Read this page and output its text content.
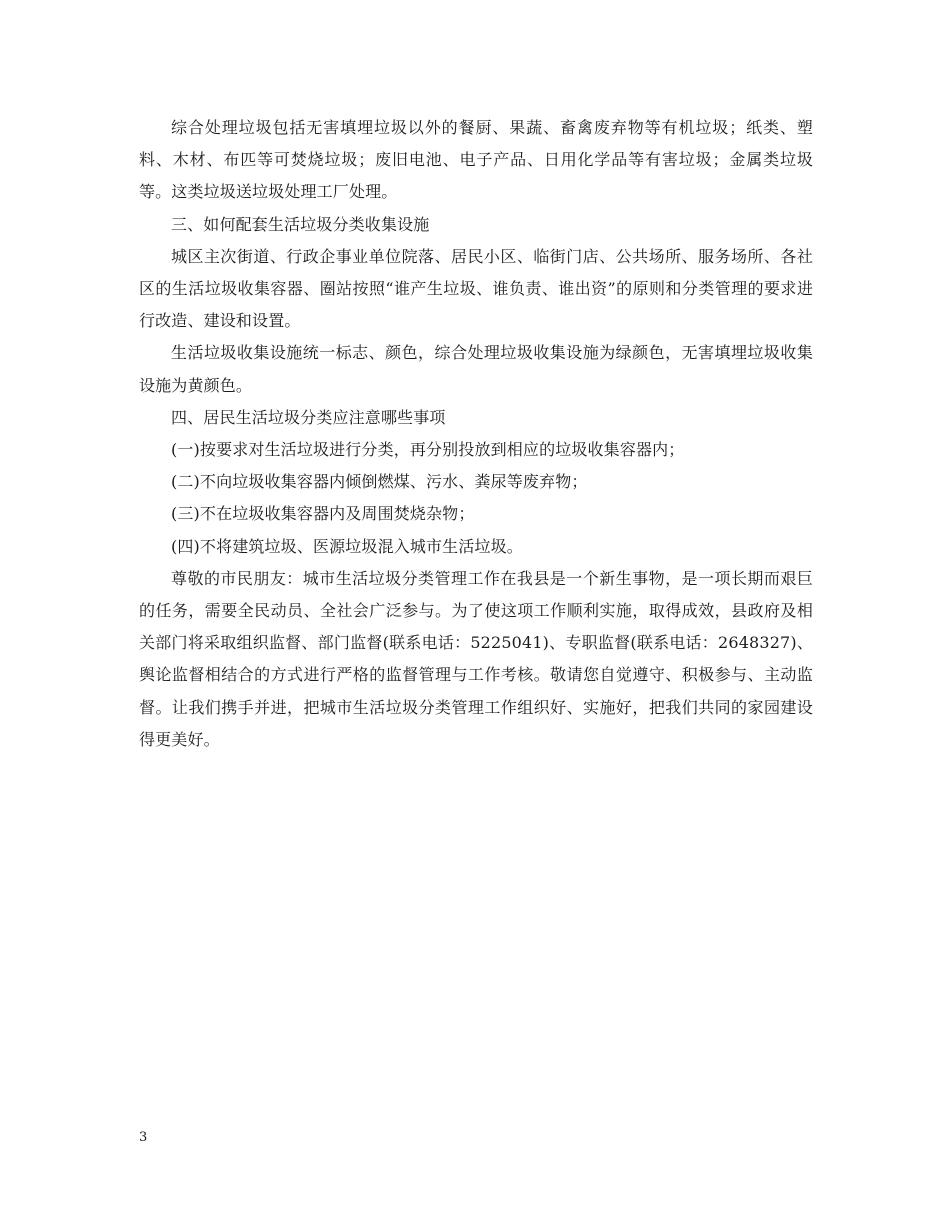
综合处理垃圾包括无害填埋垃圾以外的餐厨、果蔬、畜禽废弃物等有机垃圾；纸类、塑料、木材、布匹等可焚烧垃圾；废旧电池、电子产品、日用化学品等有害垃圾；金属类垃圾等。这类垃圾送垃圾处理工厂处理。

三、如何配套生活垃圾分类收集设施

城区主次街道、行政企事业单位院落、居民小区、临街门店、公共场所、服务场所、各社区的生活垃圾收集容器、圈站按照“谁产生垃圾、谁负责、谁出资”的原则和分类管理的要求进行改造、建设和设置。

生活垃圾收集设施统一标志、颜色，综合处理垃圾收集设施为绿颜色，无害填埋垃圾收集设施为黄颜色。

四、居民生活垃圾分类应注意哪些事项

(一)按要求对生活垃圾进行分类，再分别投放到相应的垃圾收集容器内；

(二)不向垃圾收集容器内倾倒燃煤、污水、粪尿等废弃物；

(三)不在垃圾收集容器内及周围焚烧杂物；

(四)不将建筑垃圾、医源垃圾混入城市生活垃圾。

尊敬的市民朋友：城市生活垃圾分类管理工作在我县是一个新生事物，是一项长期而艰巨的任务，需要全民动员、全社会广泛参与。为了使这项工作顺利实施，取得成效，县政府及相关部门将采取组织监督、部门监督(联系电话：5225041)、专职监督(联系电话：2648327)、舆论监督相结合的方式进行严格的监督管理与工作考核。敬请您自觉遵守、积极参与、主动监督。让我们携手并进，把城市生活垃圾分类管理工作组织好、实施好，把我们共同的家园建设得更美好。

3
